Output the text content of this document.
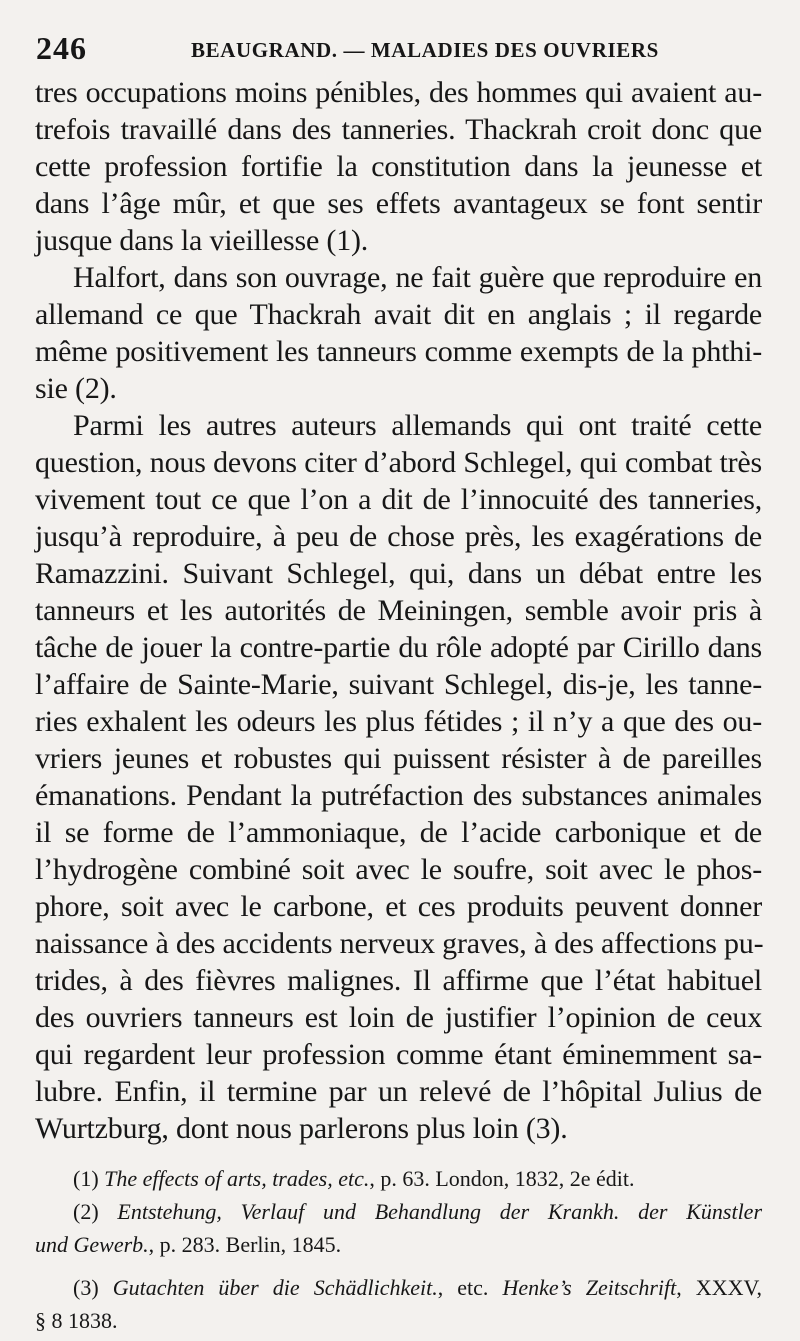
246	BEAUGRAND. — MALADIES DES OUVRIERS
tres occupations moins pénibles, des hommes qui avaient au-
trefois travaillé dans des tanneries. Thackrah croit donc que
cette profession fortifie la constitution dans la jeunesse et
dans l’âge mûr, et que ses effets avantageux se font sentir
jusque dans la vieillesse (1).
Halfort, dans son ouvrage, ne fait guère que reproduire en
allemand ce que Thackrah avait dit en anglais ; il regarde
même positivement les tanneurs comme exempts de la phthi-
sie (2).
Parmi les autres auteurs allemands qui ont traité cette
question, nous devons citer d’abord Schlegel, qui combat très
vivement tout ce que l’on a dit de l’innocuité des tanneries,
jusqu’à reproduire, à peu de chose près, les exagérations de
Ramazzini. Suivant Schlegel, qui, dans un débat entre les
tanneurs et les autorités de Meiningen, semble avoir pris à
tâche de jouer la contre-partie du rôle adopté par Cirillo dans
l’affaire de Sainte-Marie, suivant Schlegel, dis-je, les tanne-
ries exhalent les odeurs les plus fétides ; il n’y a que des ou-
vriers jeunes et robustes qui puissent résister à de pareilles
émanations. Pendant la putréfaction des substances animales
il se forme de l’ammoniaque, de l’acide carbonique et de
l’hydrogène combiné soit avec le soufre, soit avec le phos-
phore, soit avec le carbone, et ces produits peuvent donner
naissance à des accidents nerveux graves, à des affections pu-
trides, à des fièvres malignes. Il affirme que l’état habituel
des ouvriers tanneurs est loin de justifier l’opinion de ceux
qui regardent leur profession comme étant éminemment sa-
lubre. Enfin, il termine par un relevé de l’hôpital Julius de
Wurtzburg, dont nous parlerons plus loin (3).
(1) The effects of arts, trades, etc., p. 63. London, 1832, 2e édit.
(2) Entstehung, Verlauf und Behandlung der Krankh. der Künstler
und Gewerb., p. 283. Berlin, 1845.
(3) Gutachten über die Schädlichkeit., etc. Henke’s Zeitschrift, XXXV,
§ 8 1838.
